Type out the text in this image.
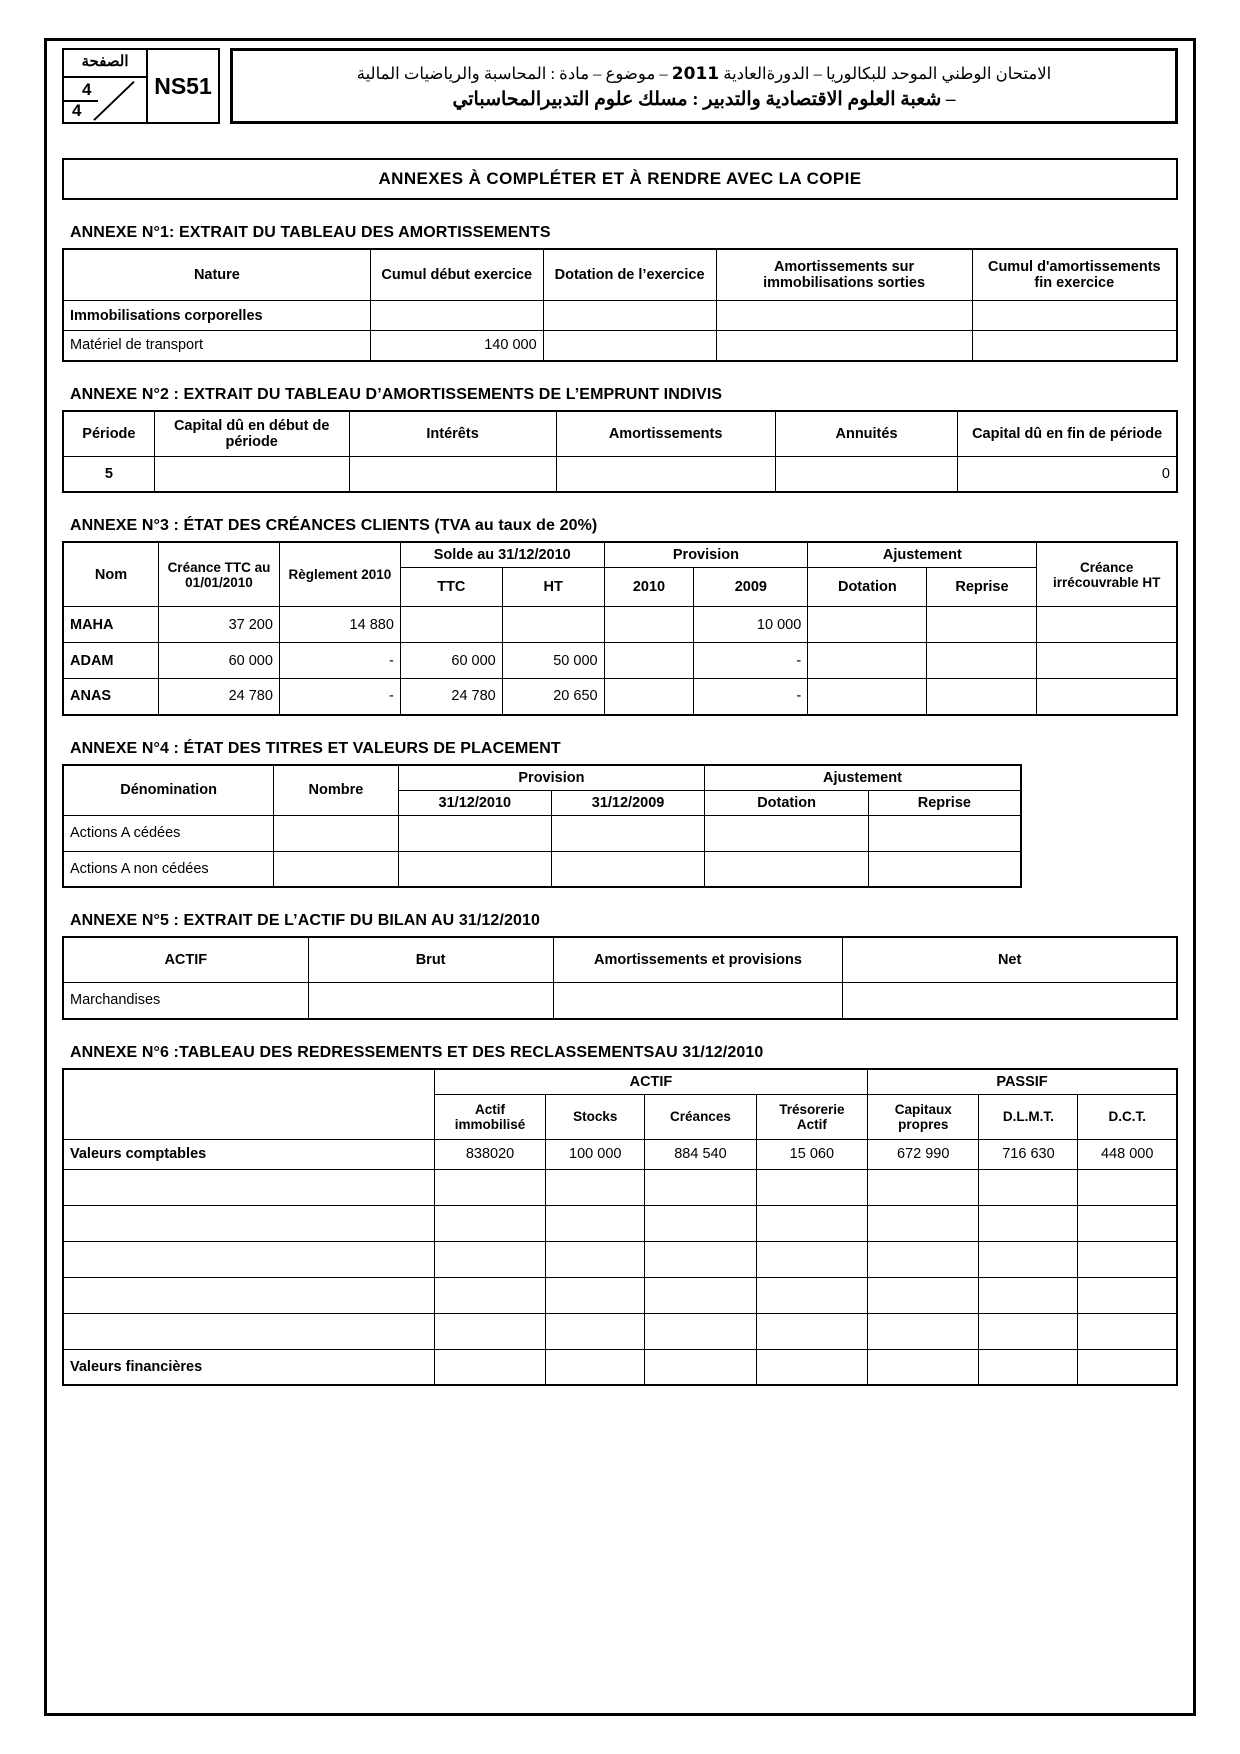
الصفحة
4
4
NS51	الامتحان الوطني الموحد للبكالوريا – الدورةالعادية 2011 – موضوع – مادة : المحاسبة والرياضيات المالية
– شعبة العلوم الاقتصادية والتدبير : مسلك علوم التدبيرالمحاسباتي
ANNEXES À COMPLÉTER ET À RENDRE AVEC LA COPIE
ANNEXE N°1: EXTRAIT DU TABLEAU DES AMORTISSEMENTS
Nature	Cumul début exercice	Dotation de l’exercice	Amortissements sur immobilisations sorties	Cumul d'amortissements fin exercice
Immobilisations corporelles				
Matériel de transport	140 000			
ANNEXE N°2 : EXTRAIT DU TABLEAU D’AMORTISSEMENTS DE L’EMPRUNT INDIVIS
Période	Capital dû en début de période	Intérêts	Amortissements	Annuités	Capital dû en fin de période
5					0
ANNEXE N°3 : ÉTAT DES CRÉANCES CLIENTS (TVA au taux de 20%)
Nom	Créance TTC au 01/01/2010	Règlement 2010	Solde au 31/12/2010		Provision		Ajustement		Créance irrécouvrable HT
			TTC	HT	2010	2009	Dotation	Reprise	
MAHA	37 200	14 880				10 000			
ADAM	60 000	-	60 000	50 000		-			
ANAS	24 780	-	24 780	20 650		-			
ANNEXE N°4 : ÉTAT DES TITRES ET VALEURS DE PLACEMENT
Dénomination	Nombre	Provision		Ajustement	
		31/12/2010	31/12/2009	Dotation	Reprise
Actions A cédées					
Actions A non cédées					
ANNEXE N°5 : EXTRAIT DE L’ACTIF DU BILAN AU 31/12/2010
ACTIF	Brut	Amortissements et provisions	Net
Marchandises			
ANNEXE N°6 :TABLEAU DES REDRESSEMENTS ET DES RECLASSEMENTSAU 31/12/2010
	ACTIF				PASSIF		
	Actif immobilisé	Stocks	Créances	Trésorerie Actif	Capitaux propres	D.L.M.T.	D.C.T.
Valeurs comptables	838020	100 000	884 540	15 060	672 990	716 630	448 000

Valeurs financières							
